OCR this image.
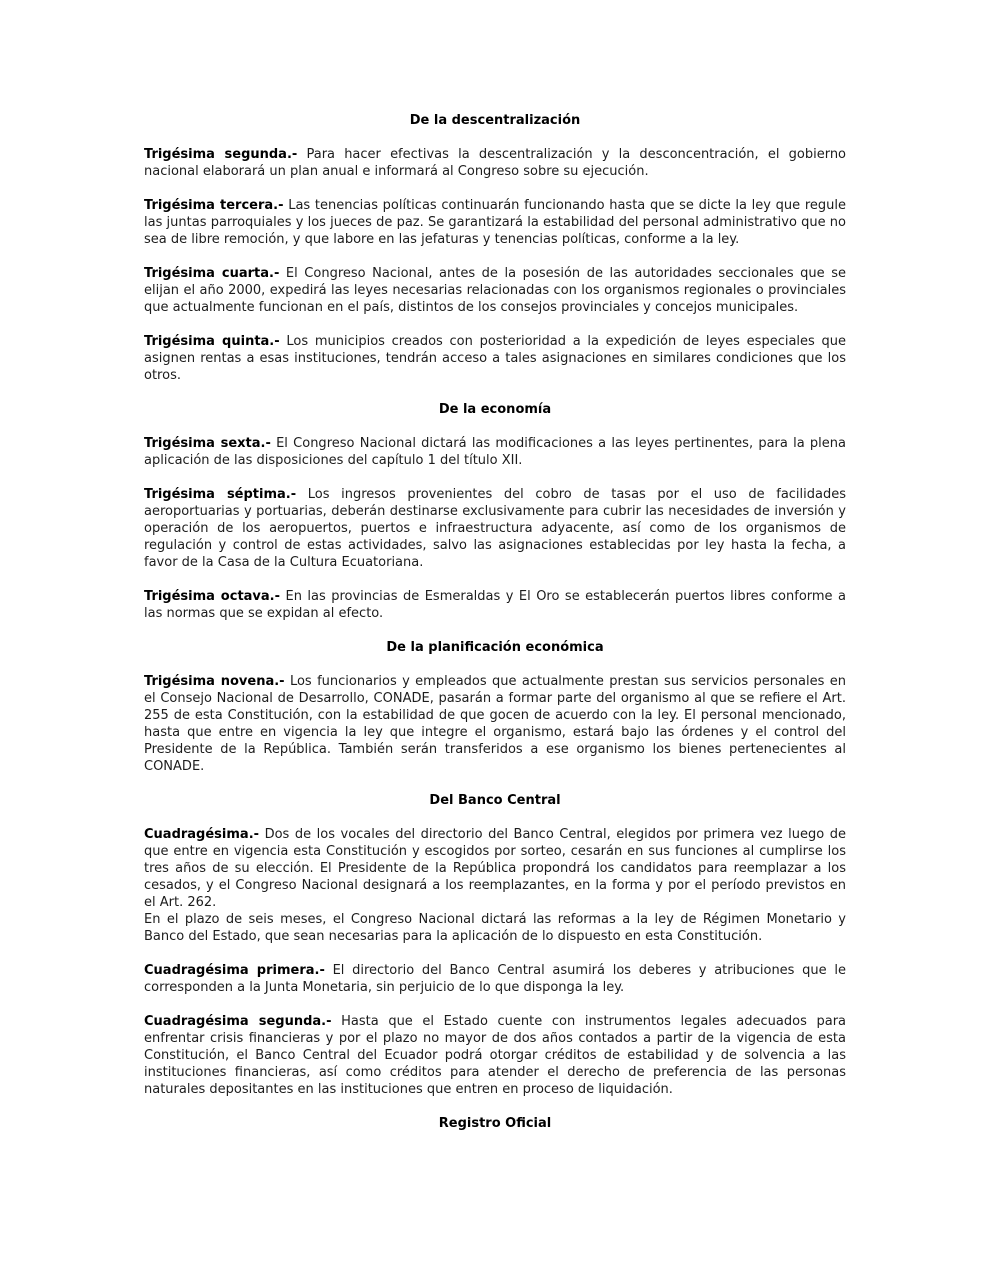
De la descentralización
Trigésima segunda.- Para hacer efectivas la descentralización y la desconcentración, el gobierno nacional elaborará un plan anual e informará al Congreso sobre su ejecución.
Trigésima tercera.- Las tenencias políticas continuarán funcionando hasta que se dicte la ley que regule las juntas parroquiales y los jueces de paz. Se garantizará la estabilidad del personal administrativo que no sea de libre remoción, y que labore en las jefaturas y tenencias políticas, conforme a la ley.
Trigésima cuarta.- El Congreso Nacional, antes de la posesión de las autoridades seccionales que se elijan el año 2000, expedirá las leyes necesarias relacionadas con los organismos regionales o provinciales que actualmente funcionan en el país, distintos de los consejos provinciales y concejos municipales.
Trigésima quinta.- Los municipios creados con posterioridad a la expedición de leyes especiales que asignen rentas a esas instituciones, tendrán acceso a tales asignaciones en similares condiciones que los otros.
De la economía
Trigésima sexta.- El Congreso Nacional dictará las modificaciones a las leyes pertinentes, para la plena aplicación de las disposiciones del capítulo 1 del título XII.
Trigésima séptima.- Los ingresos provenientes del cobro de tasas por el uso de facilidades aeroportuarias y portuarias, deberán destinarse exclusivamente para cubrir las necesidades de inversión y operación de los aeropuertos, puertos e infraestructura adyacente, así como de los organismos de regulación y control de estas actividades, salvo las asignaciones establecidas por ley hasta la fecha, a favor de la Casa de la Cultura Ecuatoriana.
Trigésima octava.- En las provincias de Esmeraldas y El Oro se establecerán puertos libres conforme a las normas que se expidan al efecto.
De la planificación económica
Trigésima novena.- Los funcionarios y empleados que actualmente prestan sus servicios personales en el Consejo Nacional de Desarrollo, CONADE, pasarán a formar parte del organismo al que se refiere el Art. 255 de esta Constitución, con la estabilidad de que gocen de acuerdo con la ley. El personal mencionado, hasta que entre en vigencia la ley que integre el organismo, estará bajo las órdenes y el control del Presidente de la República. También serán transferidos a ese organismo los bienes pertenecientes al CONADE.
Del Banco Central
Cuadragésima.- Dos de los vocales del directorio del Banco Central, elegidos por primera vez luego de que entre en vigencia esta Constitución y escogidos por sorteo, cesarán en sus funciones al cumplirse los tres años de su elección. El Presidente de la República propondrá los candidatos para reemplazar a los cesados, y el Congreso Nacional designará a los reemplazantes, en la forma y por el período previstos en el Art. 262.
En el plazo de seis meses, el Congreso Nacional dictará las reformas a la ley de Régimen Monetario y Banco del Estado, que sean necesarias para la aplicación de lo dispuesto en esta Constitución.
Cuadragésima primera.- El directorio del Banco Central asumirá los deberes y atribuciones que le corresponden a la Junta Monetaria, sin perjuicio de lo que disponga la ley.
Cuadragésima segunda.- Hasta que el Estado cuente con instrumentos legales adecuados para enfrentar crisis financieras y por el plazo no mayor de dos años contados a partir de la vigencia de esta Constitución, el Banco Central del Ecuador podrá otorgar créditos de estabilidad y de solvencia a las instituciones financieras, así como créditos para atender el derecho de preferencia de las personas naturales depositantes en las instituciones que entren en proceso de liquidación.
Registro Oficial
